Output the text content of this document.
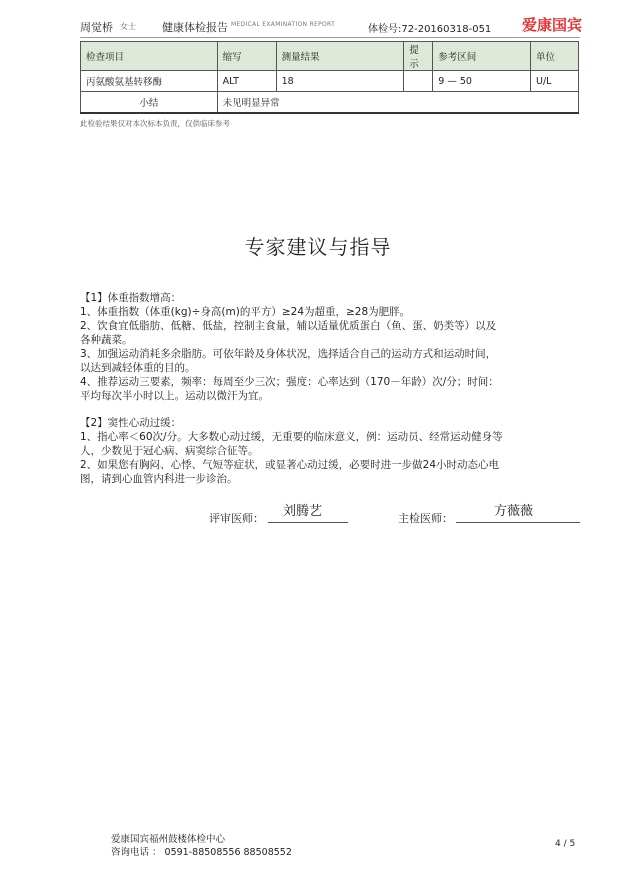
周觉桥 女士 健康体检报告 MEDICAL EXAMINATION REPORT	体检号:72-20160318-051 爱康国宾
检查项目	缩写	测量结果	提示	参考区间	单位
丙氨酸氨基转移酶	ALT	18		9 — 50	U/L
小结	未见明显异常				
此检验结果仅对本次标本负责，仅供临床参考
专家建议与指导

【1】体重指数增高：

1、体重指数（体重(kg)÷身高(m)的平方）≥24为超重，≥28为肥胖。

2、饮食宜低脂肪、低糖、低盐，控制主食量，辅以适量优质蛋白（鱼、蛋、奶类等）以及

各种蔬菜。

3、加强运动消耗多余脂肪。可依年龄及身体状况，选择适合自己的运动方式和运动时间，

以达到减轻体重的目的。

4、推荐运动三要素，频率：每周至少三次；强度：心率达到（170－年龄）次/分；时间：

平均每次半小时以上。运动以微汗为宜。

【2】窦性心动过缓：

1、指心率＜60次/分。大多数心动过缓，无重要的临床意义，例：运动员、经常运动健身等

人，少数见于冠心病、病窦综合征等。

2、如果您有胸闷、心悸、气短等症状，或显著心动过缓，必要时进一步做24小时动态心电

图，请到心血管内科进一步诊治。

评审医师： 刘腾艺	主检医师：	方薇薇
爱康国宾福州鼓楼体检中心
咨询电话 ： 0591-88508556 88508552
4 / 5
